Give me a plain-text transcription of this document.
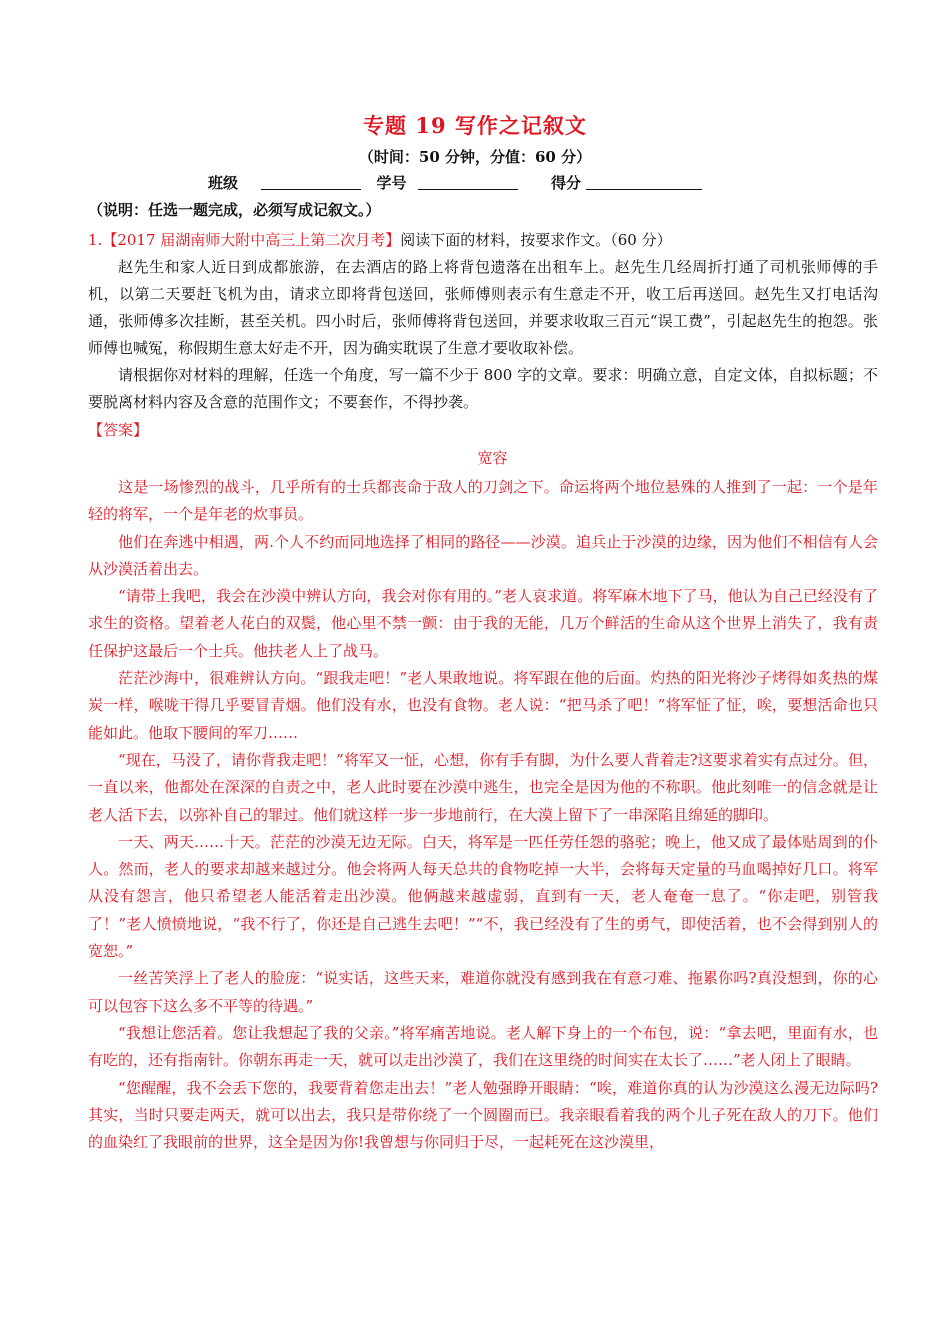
专题 19 写作之记叙文
（时间：50 分钟，分值：60 分）
班级	学号	得分
（说明：任选一题完成，必须写成记叙文。）
1.【2017 届湖南师大附中高三上第二次月考】阅读下面的材料，按要求作文。（60 分）

赵先生和家人近日到成都旅游，在去酒店的路上将背包遗落在出租车上。赵先生几经周折打通了司机张师傅的手机，以第二天要赶飞机为由，请求立即将背包送回，张师傅则表示有生意走不开，收工后再送回。赵先生又打电话沟通，张师傅多次挂断，甚至关机。四小时后，张师傅将背包送回，并要求收取三百元“误工费”，引起赵先生的抱怨。张师傅也喊冤，称假期生意太好走不开，因为确实耽误了生意才要收取补偿。

请根据你对材料的理解，任选一个角度，写一篇不少于 800 字的文章。要求：明确立意，自定文体，自拟标题；不要脱离材料内容及含意的范围作文；不要套作，不得抄袭。

【答案】
宽容

这是一场惨烈的战斗，几乎所有的士兵都丧命于敌人的刀剑之下。命运将两个地位悬殊的人推到了一起：一个是年轻的将军，一个是年老的炊事员。

他们在奔逃中相遇，两.个人不约而同地选择了相同的路径——沙漠。追兵止于沙漠的边缘，因为他们不相信有人会从沙漠活着出去。

“请带上我吧，我会在沙漠中辨认方向，我会对你有用的。”老人哀求道。将军麻木地下了马，他认为自己已经没有了求生的资格。望着老人花白的双鬓，他心里不禁一颤：由于我的无能，几万个鲜活的生命从这个世界上消失了，我有责任保护这最后一个士兵。他扶老人上了战马。

茫茫沙海中，很难辨认方向。“跟我走吧！”老人果敢地说。将军跟在他的后面。灼热的阳光将沙子烤得如炙热的煤炭一样，喉咙干得几乎要冒青烟。他们没有水，也没有食物。老人说：“把马杀了吧！”将军怔了怔，唉，要想活命也只能如此。他取下腰间的军刀……

“现在，马没了，请你背我走吧！”将军又一怔，心想，你有手有脚，为什么要人背着走?这要求着实有点过分。但，一直以来，他都处在深深的自责之中，老人此时要在沙漠中逃生，也完全是因为他的不称职。他此刻唯一的信念就是让老人活下去，以弥补自己的罪过。他们就这样一步一步地前行，在大漠上留下了一串深陷且绵延的脚印。

一天、两天……十天。茫茫的沙漠无边无际。白天，将军是一匹任劳任怨的骆驼；晚上，他又成了最体贴周到的仆人。然而，老人的要求却越来越过分。他会将两人每天总共的食物吃掉一大半，会将每天定量的马血喝掉好几口。将军从没有怨言，他只希望老人能活着走出沙漠。他俩越来越虚弱，直到有一天，老人奄奄一息了。“你走吧，别管我了！”老人愤愤地说，“我不行了，你还是自己逃生去吧！”“不，我已经没有了生的勇气，即使活着，也不会得到别人的宽恕。”

一丝苦笑浮上了老人的脸庞：“说实话，这些天来，难道你就没有感到我在有意刁难、拖累你吗?真没想到，你的心可以包容下这么多不平等的待遇。”

“我想让您活着。您让我想起了我的父亲。”将军痛苦地说。老人解下身上的一个布包，说：“拿去吧，里面有水，也有吃的，还有指南针。你朝东再走一天，就可以走出沙漠了，我们在这里绕的时间实在太长了……”老人闭上了眼睛。

“您醒醒，我不会丢下您的，我要背着您走出去！”老人勉强睁开眼睛：“唉，难道你真的认为沙漠这么漫无边际吗?其实，当时只要走两天，就可以出去，我只是带你绕了一个圆圈而已。我亲眼看着我的两个儿子死在敌人的刀下。他们的血染红了我眼前的世界，这全是因为你!我曾想与你同归于尽，一起耗死在这沙漠里，
